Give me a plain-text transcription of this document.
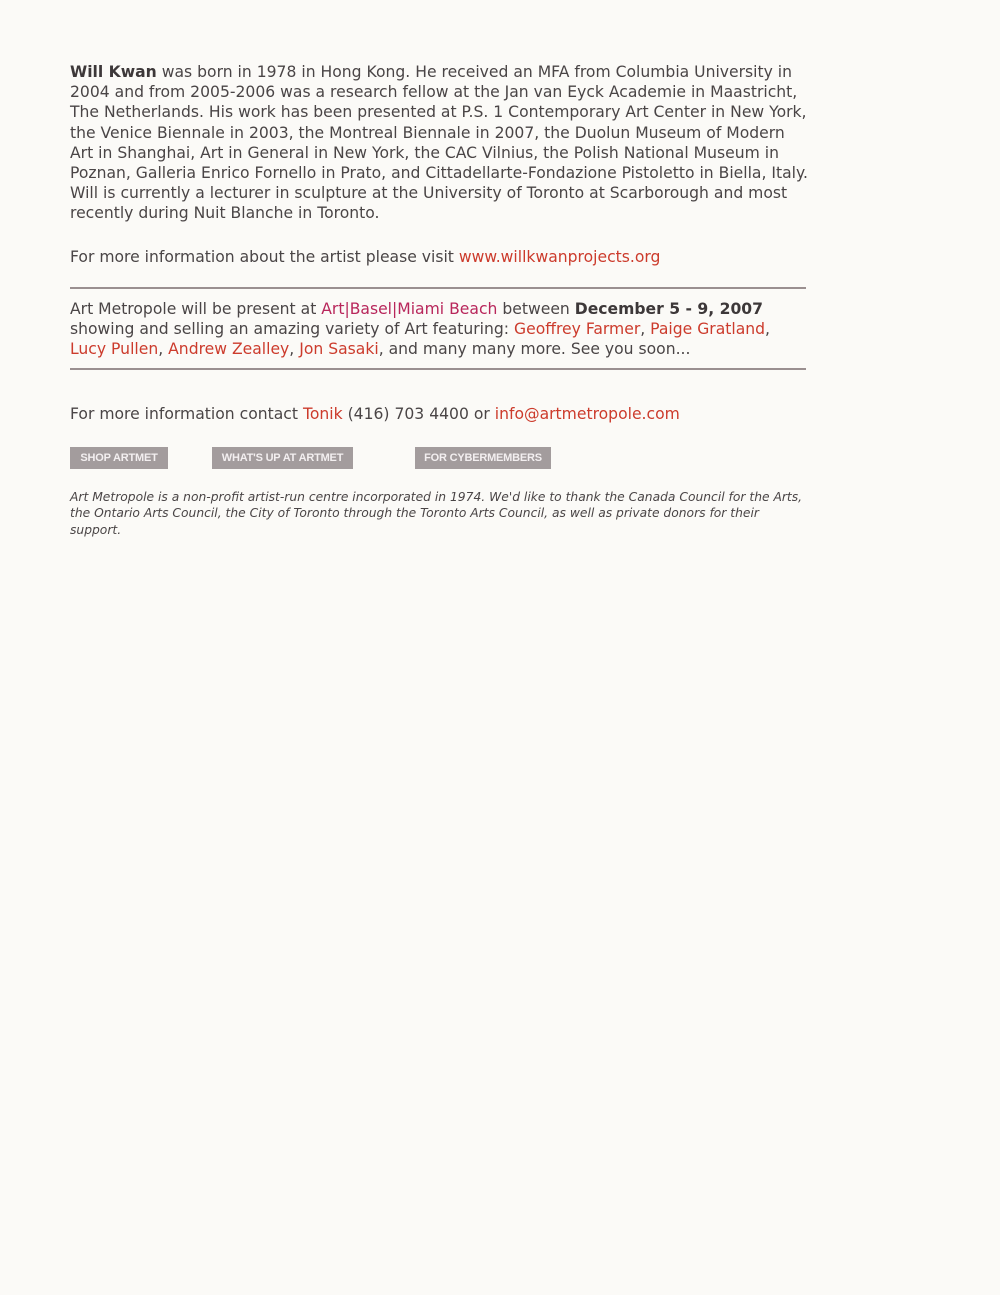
Will Kwan was born in 1978 in Hong Kong. He received an MFA from Columbia University in 2004 and from 2005-2006 was a research fellow at the Jan van Eyck Academie in Maastricht, The Netherlands. His work has been presented at P.S. 1 Contemporary Art Center in New York, the Venice Biennale in 2003, the Montreal Biennale in 2007, the Duolun Museum of Modern Art in Shanghai, Art in General in New York, the CAC Vilnius, the Polish National Museum in Poznan, Galleria Enrico Fornello in Prato, and Cittadellarte-Fondazione Pistoletto in Biella, Italy. Will is currently a lecturer in sculpture at the University of Toronto at Scarborough and most recently during Nuit Blanche in Toronto.

For more information about the artist please visit www.willkwanprojects.org

Art Metropole will be present at Art|Basel|Miami Beach between December 5 - 9, 2007 showing and selling an amazing variety of Art featuring: Geoffrey Farmer, Paige Gratland, Lucy Pullen, Andrew Zealley, Jon Sasaki, and many many more. See you soon...

For more information contact Tonik (416) 703 4400 or info@artmetropole.com

SHOP ARTMET	WHAT'S UP AT ARTMET	FOR CYBERMEMBERS

Art Metropole is a non-profit artist-run centre incorporated in 1974. We'd like to thank the Canada Council for the Arts, the Ontario Arts Council, the City of Toronto through the Toronto Arts Council, as well as private donors for their support.
